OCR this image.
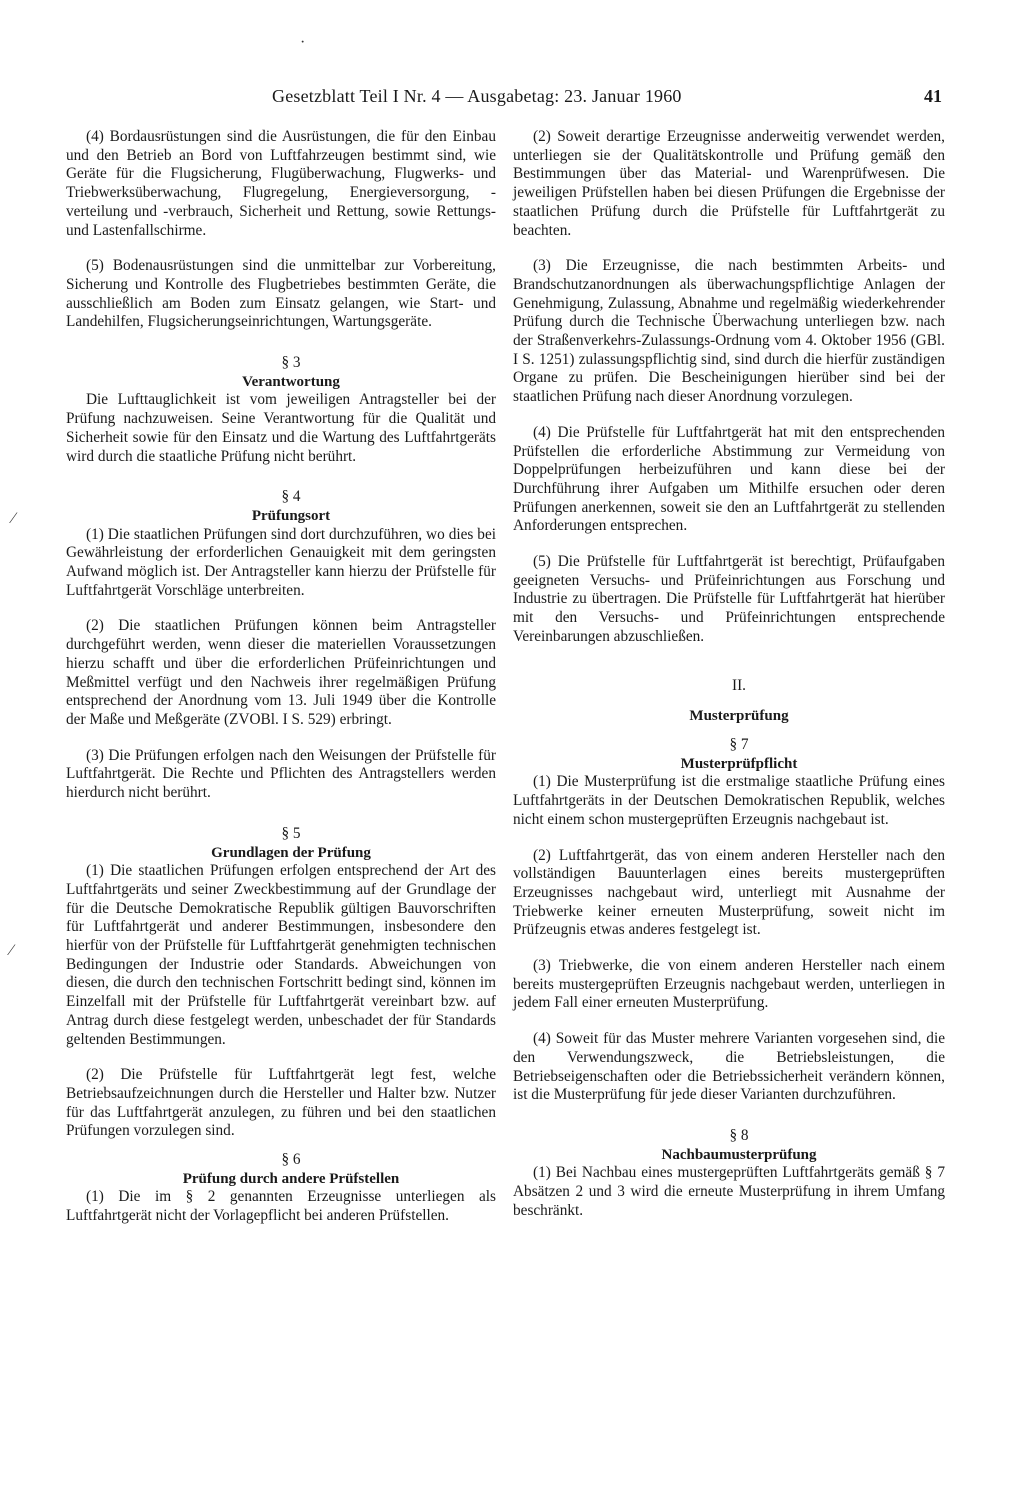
Gesetzblatt Teil I Nr. 4 — Ausgabetag: 23. Januar 1960	41
·
⁄
⁄

(4) Bordausrüstungen sind die Ausrüstungen, die für den Einbau und den Betrieb an Bord von Luftfahrzeugen bestimmt sind, wie Geräte für die Flugsicherung, Flugüberwachung, Flugwerks- und Triebwerksüberwachung, Flugregelung, Energieversorgung, -verteilung und -verbrauch, Sicherheit und Rettung, sowie Rettungs- und Lastenfallschirme.

(5) Bodenausrüstungen sind die unmittelbar zur Vorbereitung, Sicherung und Kontrolle des Flugbetriebes bestimmten Geräte, die ausschließlich am Boden zum Einsatz gelangen, wie Start- und Landehilfen, Flugsicherungseinrichtungen, Wartungsgeräte.

§ 3

Verantwortung

Die Lufttauglichkeit ist vom jeweiligen Antragsteller bei der Prüfung nachzuweisen. Seine Verantwortung für die Qualität und Sicherheit sowie für den Einsatz und die Wartung des Luftfahrtgeräts wird durch die staatliche Prüfung nicht berührt.

§ 4

Prüfungsort

(1) Die staatlichen Prüfungen sind dort durchzuführen, wo dies bei Gewährleistung der erforderlichen Genauigkeit mit dem geringsten Aufwand möglich ist. Der Antragsteller kann hierzu der Prüfstelle für Luftfahrtgerät Vorschläge unterbreiten.

(2) Die staatlichen Prüfungen können beim Antragsteller durchgeführt werden, wenn dieser die materiellen Voraussetzungen hierzu schafft und über die erforderlichen Prüfeinrichtungen und Meßmittel verfügt und den Nachweis ihrer regelmäßigen Prüfung entsprechend der Anordnung vom 13. Juli 1949 über die Kontrolle der Maße und Meßgeräte (ZVOBl. I S. 529) erbringt.

(3) Die Prüfungen erfolgen nach den Weisungen der Prüfstelle für Luftfahrtgerät. Die Rechte und Pflichten des Antragstellers werden hierdurch nicht berührt.

§ 5

Grundlagen der Prüfung

(1) Die staatlichen Prüfungen erfolgen entsprechend der Art des Luftfahrtgeräts und seiner Zweckbestimmung auf der Grundlage der für die Deutsche Demokratische Republik gültigen Bauvorschriften für Luftfahrtgerät und anderer Bestimmungen, insbesondere den hierfür von der Prüfstelle für Luftfahrtgerät genehmigten technischen Bedingungen der Industrie oder Standards. Abweichungen von diesen, die durch den technischen Fortschritt bedingt sind, können im Einzelfall mit der Prüfstelle für Luftfahrtgerät vereinbart bzw. auf Antrag durch diese festgelegt werden, unbeschadet der für Standards geltenden Bestimmungen.

(2) Die Prüfstelle für Luftfahrtgerät legt fest, welche Betriebsaufzeichnungen durch die Hersteller und Halter bzw. Nutzer für das Luftfahrtgerät anzulegen, zu führen und bei den staatlichen Prüfungen vorzulegen sind.

§ 6

Prüfung durch andere Prüfstellen

(1) Die im § 2 genannten Erzeugnisse unterliegen als Luftfahrtgerät nicht der Vorlagepflicht bei anderen Prüfstellen.

(2) Soweit derartige Erzeugnisse anderweitig verwendet werden, unterliegen sie der Qualitätskontrolle und Prüfung gemäß den Bestimmungen über das Material- und Warenprüfwesen. Die jeweiligen Prüfstellen haben bei diesen Prüfungen die Ergebnisse der staatlichen Prüfung durch die Prüfstelle für Luftfahrtgerät zu beachten.

(3) Die Erzeugnisse, die nach bestimmten Arbeits- und Brandschutzanordnungen als überwachungspflichtige Anlagen der Genehmigung, Zulassung, Abnahme und regelmäßig wiederkehrender Prüfung durch die Technische Überwachung unterliegen bzw. nach der Straßenverkehrs-Zulassungs-Ordnung vom 4. Oktober 1956 (GBl. I S. 1251) zulassungspflichtig sind, sind durch die hierfür zuständigen Organe zu prüfen. Die Bescheinigungen hierüber sind bei der staatlichen Prüfung nach dieser Anordnung vorzulegen.

(4) Die Prüfstelle für Luftfahrtgerät hat mit den entsprechenden Prüfstellen die erforderliche Abstimmung zur Vermeidung von Doppelprüfungen herbeizuführen und kann diese bei der Durchführung ihrer Aufgaben um Mithilfe ersuchen oder deren Prüfungen anerkennen, soweit sie den an Luftfahrtgerät zu stellenden Anforderungen entsprechen.

(5) Die Prüfstelle für Luftfahrtgerät ist berechtigt, Prüfaufgaben geeigneten Versuchs- und Prüfeinrichtungen aus Forschung und Industrie zu übertragen. Die Prüfstelle für Luftfahrtgerät hat hierüber mit den Versuchs- und Prüfeinrichtungen entsprechende Vereinbarungen abzuschließen.

II.

Musterprüfung

§ 7

Musterprüfpflicht

(1) Die Musterprüfung ist die erstmalige staatliche Prüfung eines Luftfahrtgeräts in der Deutschen Demokratischen Republik, welches nicht einem schon mustergeprüften Erzeugnis nachgebaut ist.

(2) Luftfahrtgerät, das von einem anderen Hersteller nach den vollständigen Bauunterlagen eines bereits mustergeprüften Erzeugnisses nachgebaut wird, unterliegt mit Ausnahme der Triebwerke keiner erneuten Musterprüfung, soweit nicht im Prüfzeugnis etwas anderes festgelegt ist.

(3) Triebwerke, die von einem anderen Hersteller nach einem bereits mustergeprüften Erzeugnis nachgebaut werden, unterliegen in jedem Fall einer erneuten Musterprüfung.

(4) Soweit für das Muster mehrere Varianten vorgesehen sind, die den Verwendungszweck, die Betriebsleistungen, die Betriebseigenschaften oder die Betriebssicherheit verändern können, ist die Musterprüfung für jede dieser Varianten durchzuführen.

§ 8

Nachbaumusterprüfung

(1) Bei Nachbau eines mustergeprüften Luftfahrtgeräts gemäß § 7 Absätzen 2 und 3 wird die erneute Musterprüfung in ihrem Umfang beschränkt.
